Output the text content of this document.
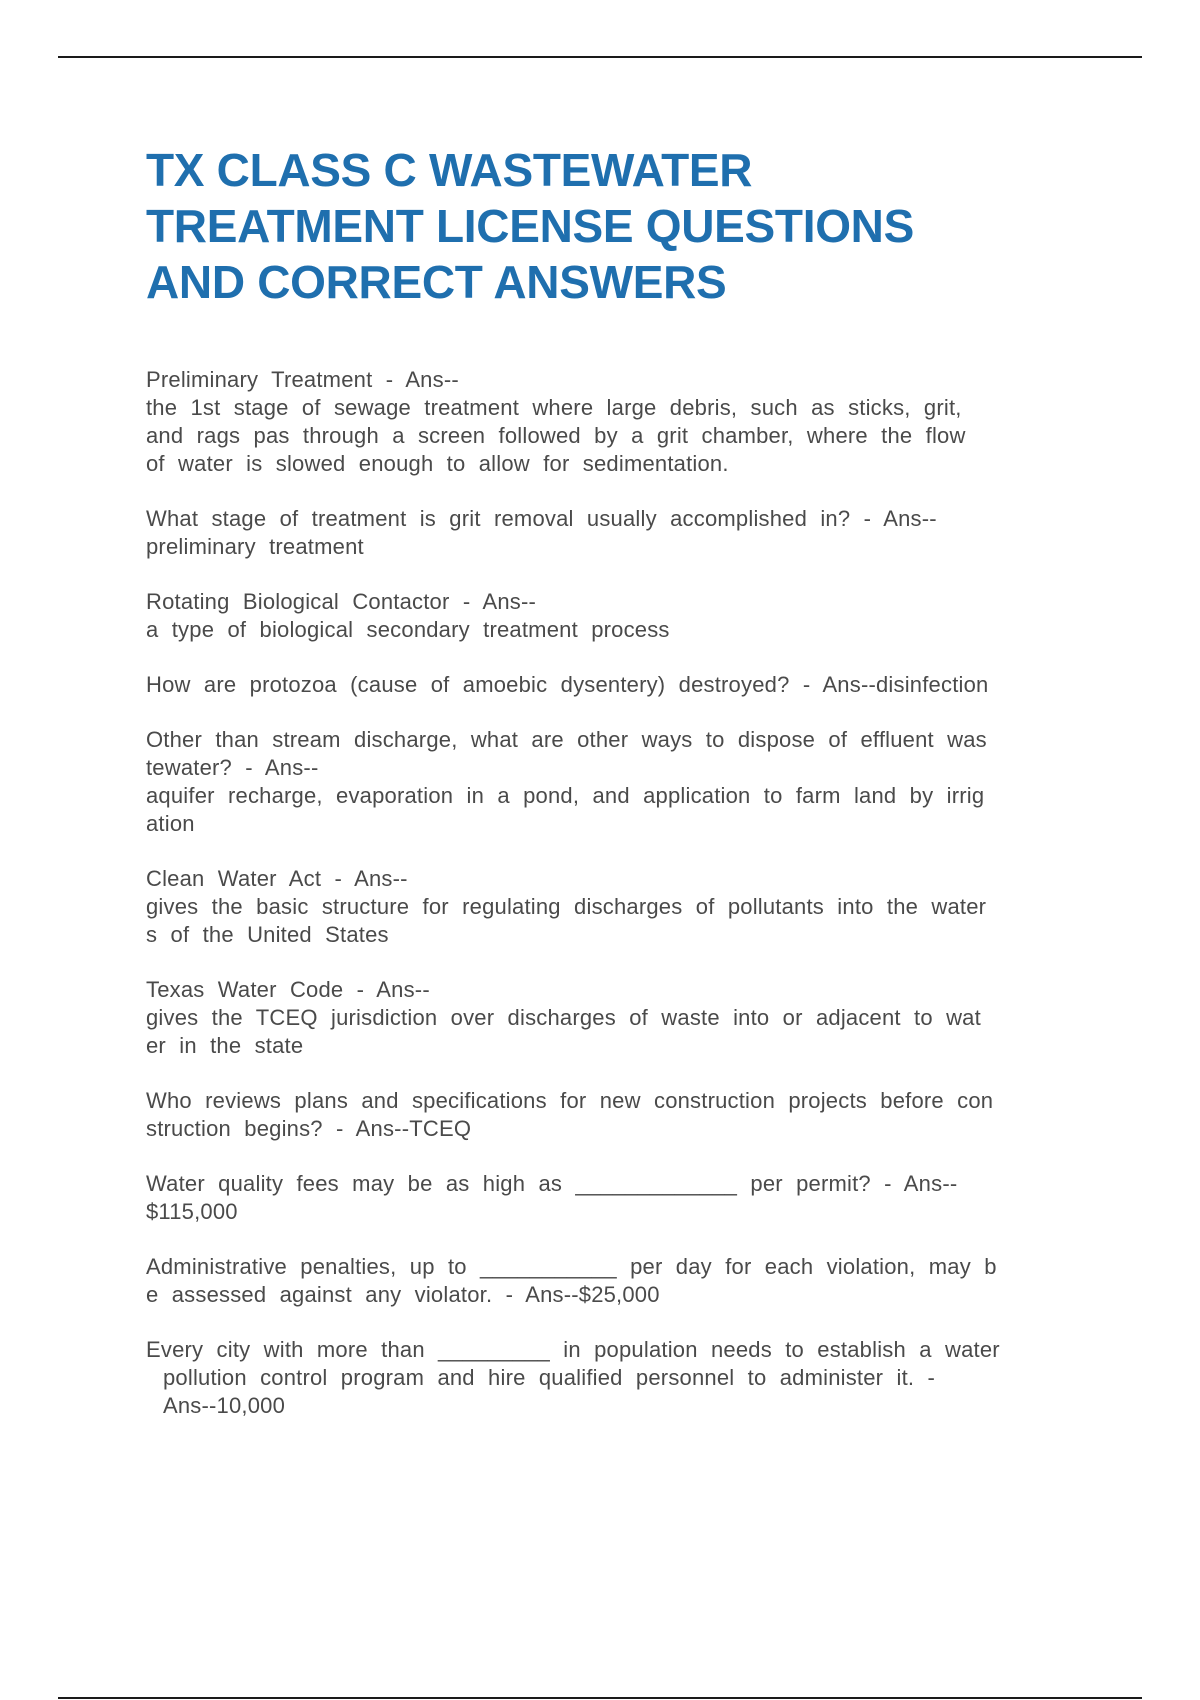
TX CLASS C WASTEWATER
TREATMENT LICENSE QUESTIONS
AND CORRECT ANSWERS

Preliminary Treatment - Ans--
the 1st stage of sewage treatment where large debris, such as sticks, grit,
and rags pas through a screen followed by a grit chamber, where the flow
of water is slowed enough to allow for sedimentation.

What stage of treatment is grit removal usually accomplished in? - Ans--
preliminary treatment

Rotating Biological Contactor - Ans--
a type of biological secondary treatment process

How are protozoa (cause of amoebic dysentery) destroyed? - Ans--disinfection

Other than stream discharge, what are other ways to dispose of effluent was
tewater? - Ans--
aquifer recharge, evaporation in a pond, and application to farm land by irrig
ation

Clean Water Act - Ans--
gives the basic structure for regulating discharges of pollutants into the water
s of the United States

Texas Water Code - Ans--
gives the TCEQ jurisdiction over discharges of waste into or adjacent to wat
er in the state

Who reviews plans and specifications for new construction projects before con
struction begins? - Ans--TCEQ

Water quality fees may be as high as _____________ per permit? - Ans--
$115,000

Administrative penalties, up to ___________ per day for each violation, may b
e assessed against any violator. - Ans--$25,000

Every city with more than _________ in population needs to establish a water
pollution control program and hire qualified personnel to administer it. -
Ans--10,000
